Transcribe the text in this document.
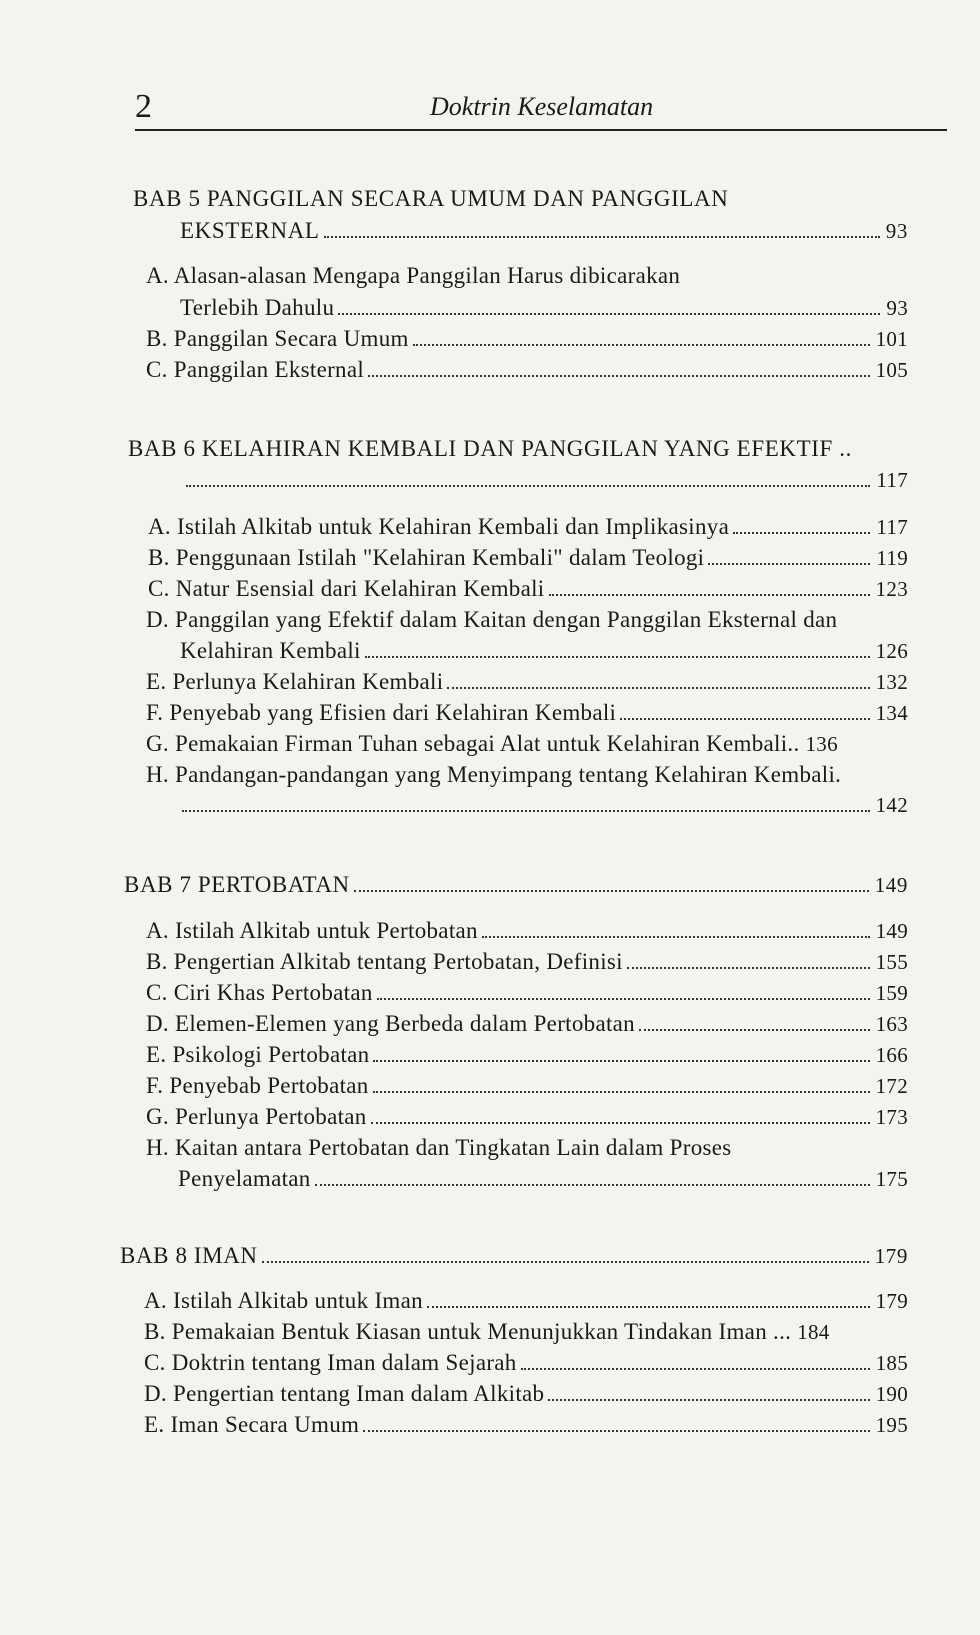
2	Doktrin Keselamatan
BAB 5 PANGGILAN SECARA UMUM DAN PANGGILAN
EKSTERNAL	93
A. Alasan-alasan Mengapa Panggilan Harus dibicarakan
Terlebih Dahulu	93
B. Panggilan Secara Umum	101
C. Panggilan Eksternal	105
BAB 6 KELAHIRAN KEMBALI DAN PANGGILAN YANG EFEKTIF ..
117
A. Istilah Alkitab untuk Kelahiran Kembali dan Implikasinya	117
B. Penggunaan Istilah "Kelahiran Kembali" dalam Teologi	119
C. Natur Esensial dari Kelahiran Kembali	123
D. Panggilan yang Efektif dalam Kaitan dengan Panggilan Eksternal dan
Kelahiran Kembali	126
E. Perlunya Kelahiran Kembali	132
F. Penyebab yang Efisien dari Kelahiran Kembali	134
G. Pemakaian Firman Tuhan sebagai Alat untuk Kelahiran Kembali.. 136
H. Pandangan-pandangan yang Menyimpang tentang Kelahiran Kembali.
142
BAB 7 PERTOBATAN	149
A. Istilah Alkitab untuk Pertobatan	149
B. Pengertian Alkitab tentang Pertobatan, Definisi	155
C. Ciri Khas Pertobatan	159
D. Elemen-Elemen yang Berbeda dalam Pertobatan	163
E. Psikologi Pertobatan	166
F. Penyebab Pertobatan	172
G. Perlunya Pertobatan	173
H. Kaitan antara Pertobatan dan Tingkatan Lain dalam Proses
Penyelamatan	175
BAB 8 IMAN	179
A. Istilah Alkitab untuk Iman	179
B. Pemakaian Bentuk Kiasan untuk Menunjukkan Tindakan Iman ... 184
C. Doktrin tentang Iman dalam Sejarah	185
D. Pengertian tentang Iman dalam Alkitab	190
E. Iman Secara Umum	195
